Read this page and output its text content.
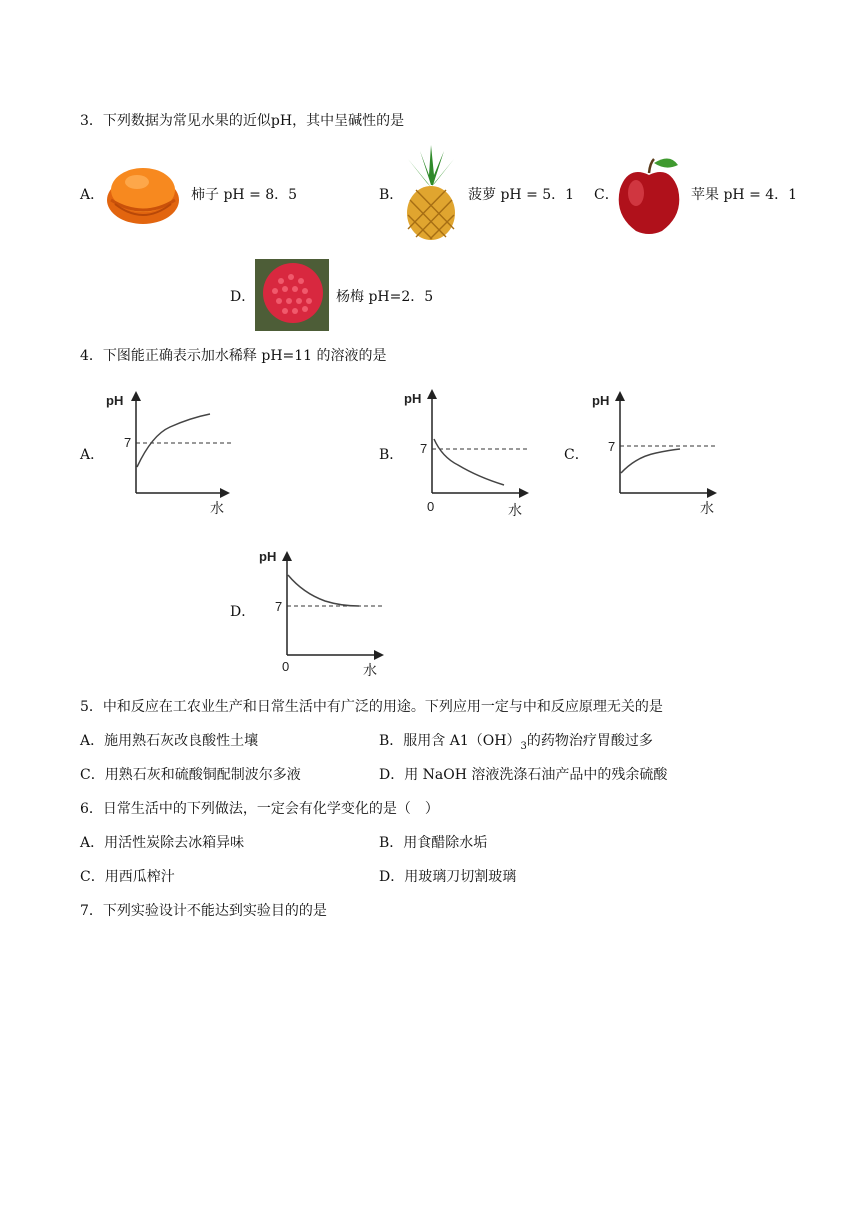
3．下列数据为常见水果的近似pH，其中呈碱性的是
A．	柿子 pH = 8．5	B．	菠萝 pH = 5．1 C．	苹果 pH = 4．1
D．	杨梅 pH=2．5
4．下图能正确表示加水稀释 pH=11 的溶液的是
A．
pH
7
水
B．
pH
7
0	水
C．
pH
7
水
D．
pH
7
0	水
5．中和反应在工农业生产和日常生活中有广泛的用途。下列应用一定与中和反应原理无关的是
A．施用熟石灰改良酸性土壤	B．服用含 $A1(OH)_3$的药物治疗胃酸过多
C．用熟石灰和硫酸铜配制波尔多液	D．用 NaOH 溶液洗涤石油产品中的残余硫酸
6．日常生活中的下列做法，一定会有化学变化的是（　）
A．用活性炭除去冰箱异味	B．用食醋除水垢
C．用西瓜榨汁	D．用玻璃刀切割玻璃
7．下列实验设计不能达到实验目的的是
